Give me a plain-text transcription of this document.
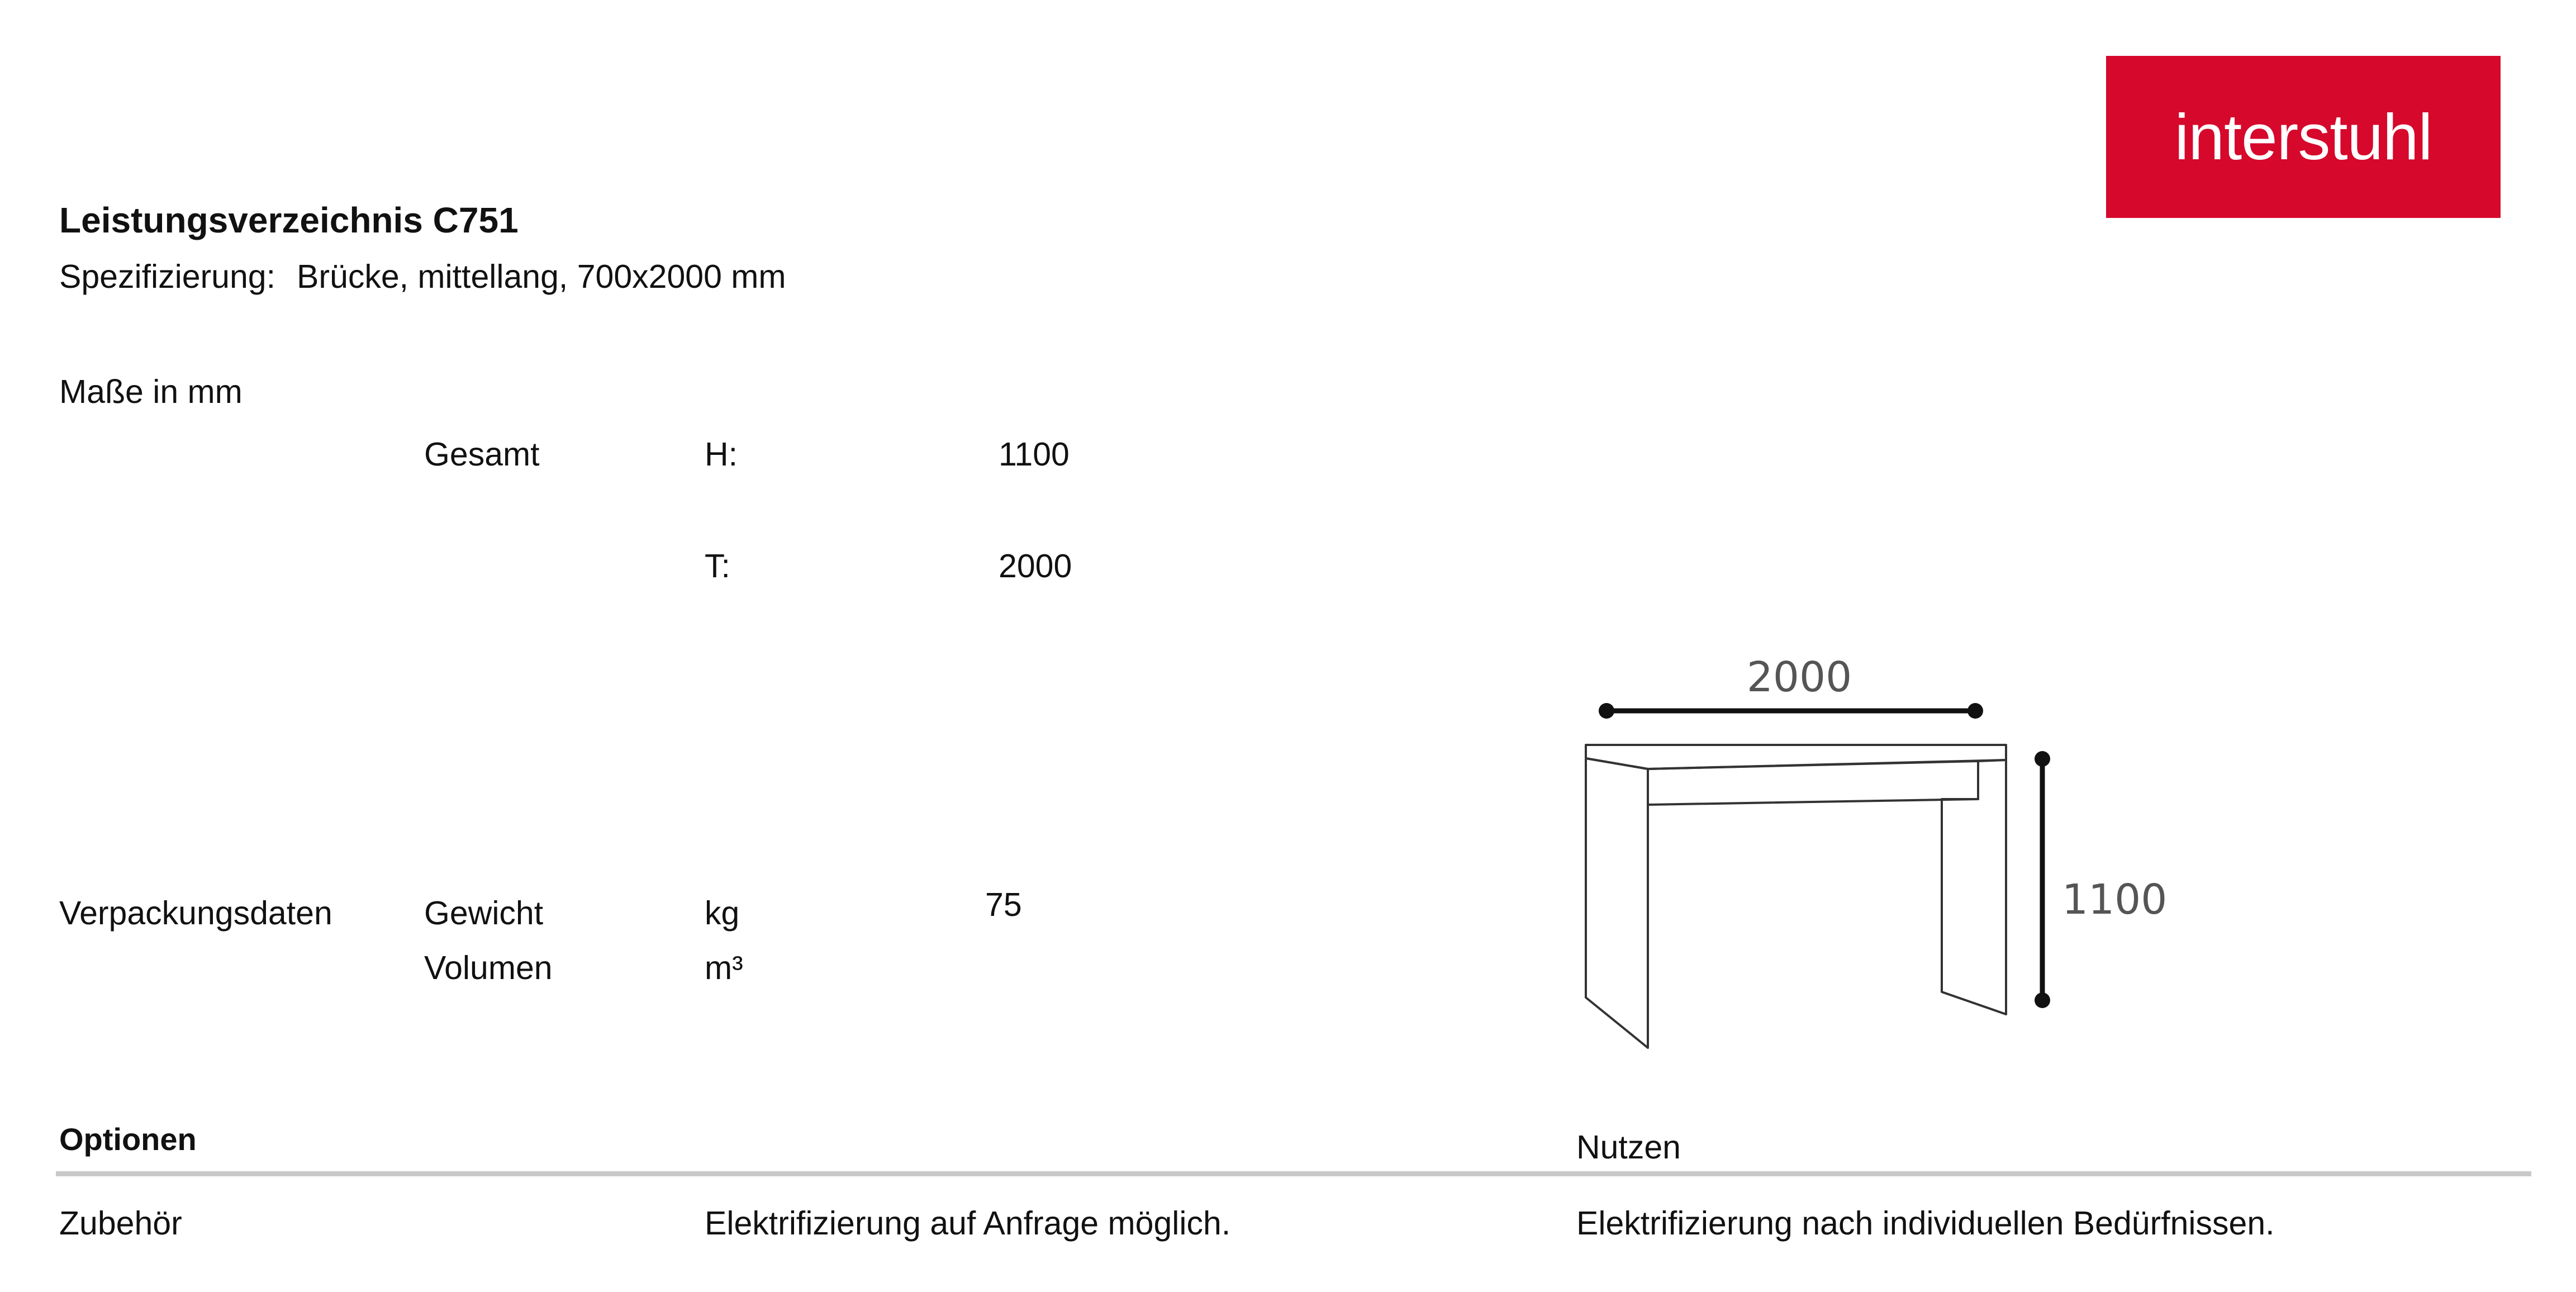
interstuhl
Leistungsverzeichnis C751
Spezifizierung: Brücke, mittellang, 700x2000 mm
Maße in mm
Gesamt	H:	1100
T:	2000
Verpackungsdaten	Gewicht	kg	75
Volumen	m³
2000
1100
Optionen	Nutzen
Zubehör	Elektrifizierung auf Anfrage möglich.	Elektrifizierung nach individuellen Bedürfnissen.
